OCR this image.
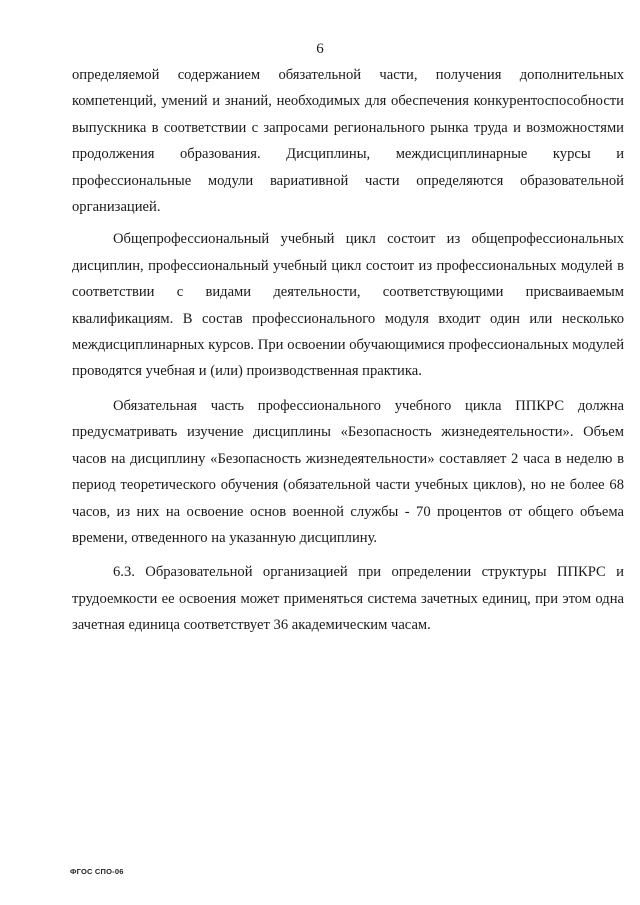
6

определяемой содержанием обязательной части, получения дополнительных компетенций, умений и знаний, необходимых для обеспечения конкурентоспособности выпускника в соответствии с запросами регионального рынка труда и возможностями продолжения образования. Дисциплины, междисциплинарные курсы и профессиональные модули вариативной части определяются образовательной организацией.

Общепрофессиональный учебный цикл состоит из общепрофессиональных дисциплин, профессиональный учебный цикл состоит из профессиональных модулей в соответствии с видами деятельности, соответствующими присваиваемым квалификациям. В состав профессионального модуля входит один или несколько междисциплинарных курсов. При освоении обучающимися профессиональных модулей проводятся учебная и (или) производственная практика.

Обязательная часть профессионального учебного цикла ППКРС должна предусматривать изучение дисциплины «Безопасность жизнедеятельности». Объем часов на дисциплину «Безопасность жизнедеятельности» составляет 2 часа в неделю в период теоретического обучения (обязательной части учебных циклов), но не более 68 часов, из них на освоение основ военной службы - 70 процентов от общего объема времени, отведенного на указанную дисциплину.

6.3. Образовательной организацией при определении структуры ППКРС и трудоемкости ее освоения может применяться система зачетных единиц, при этом одна зачетная единица соответствует 36 академическим часам.

ФГОС СПО-06
